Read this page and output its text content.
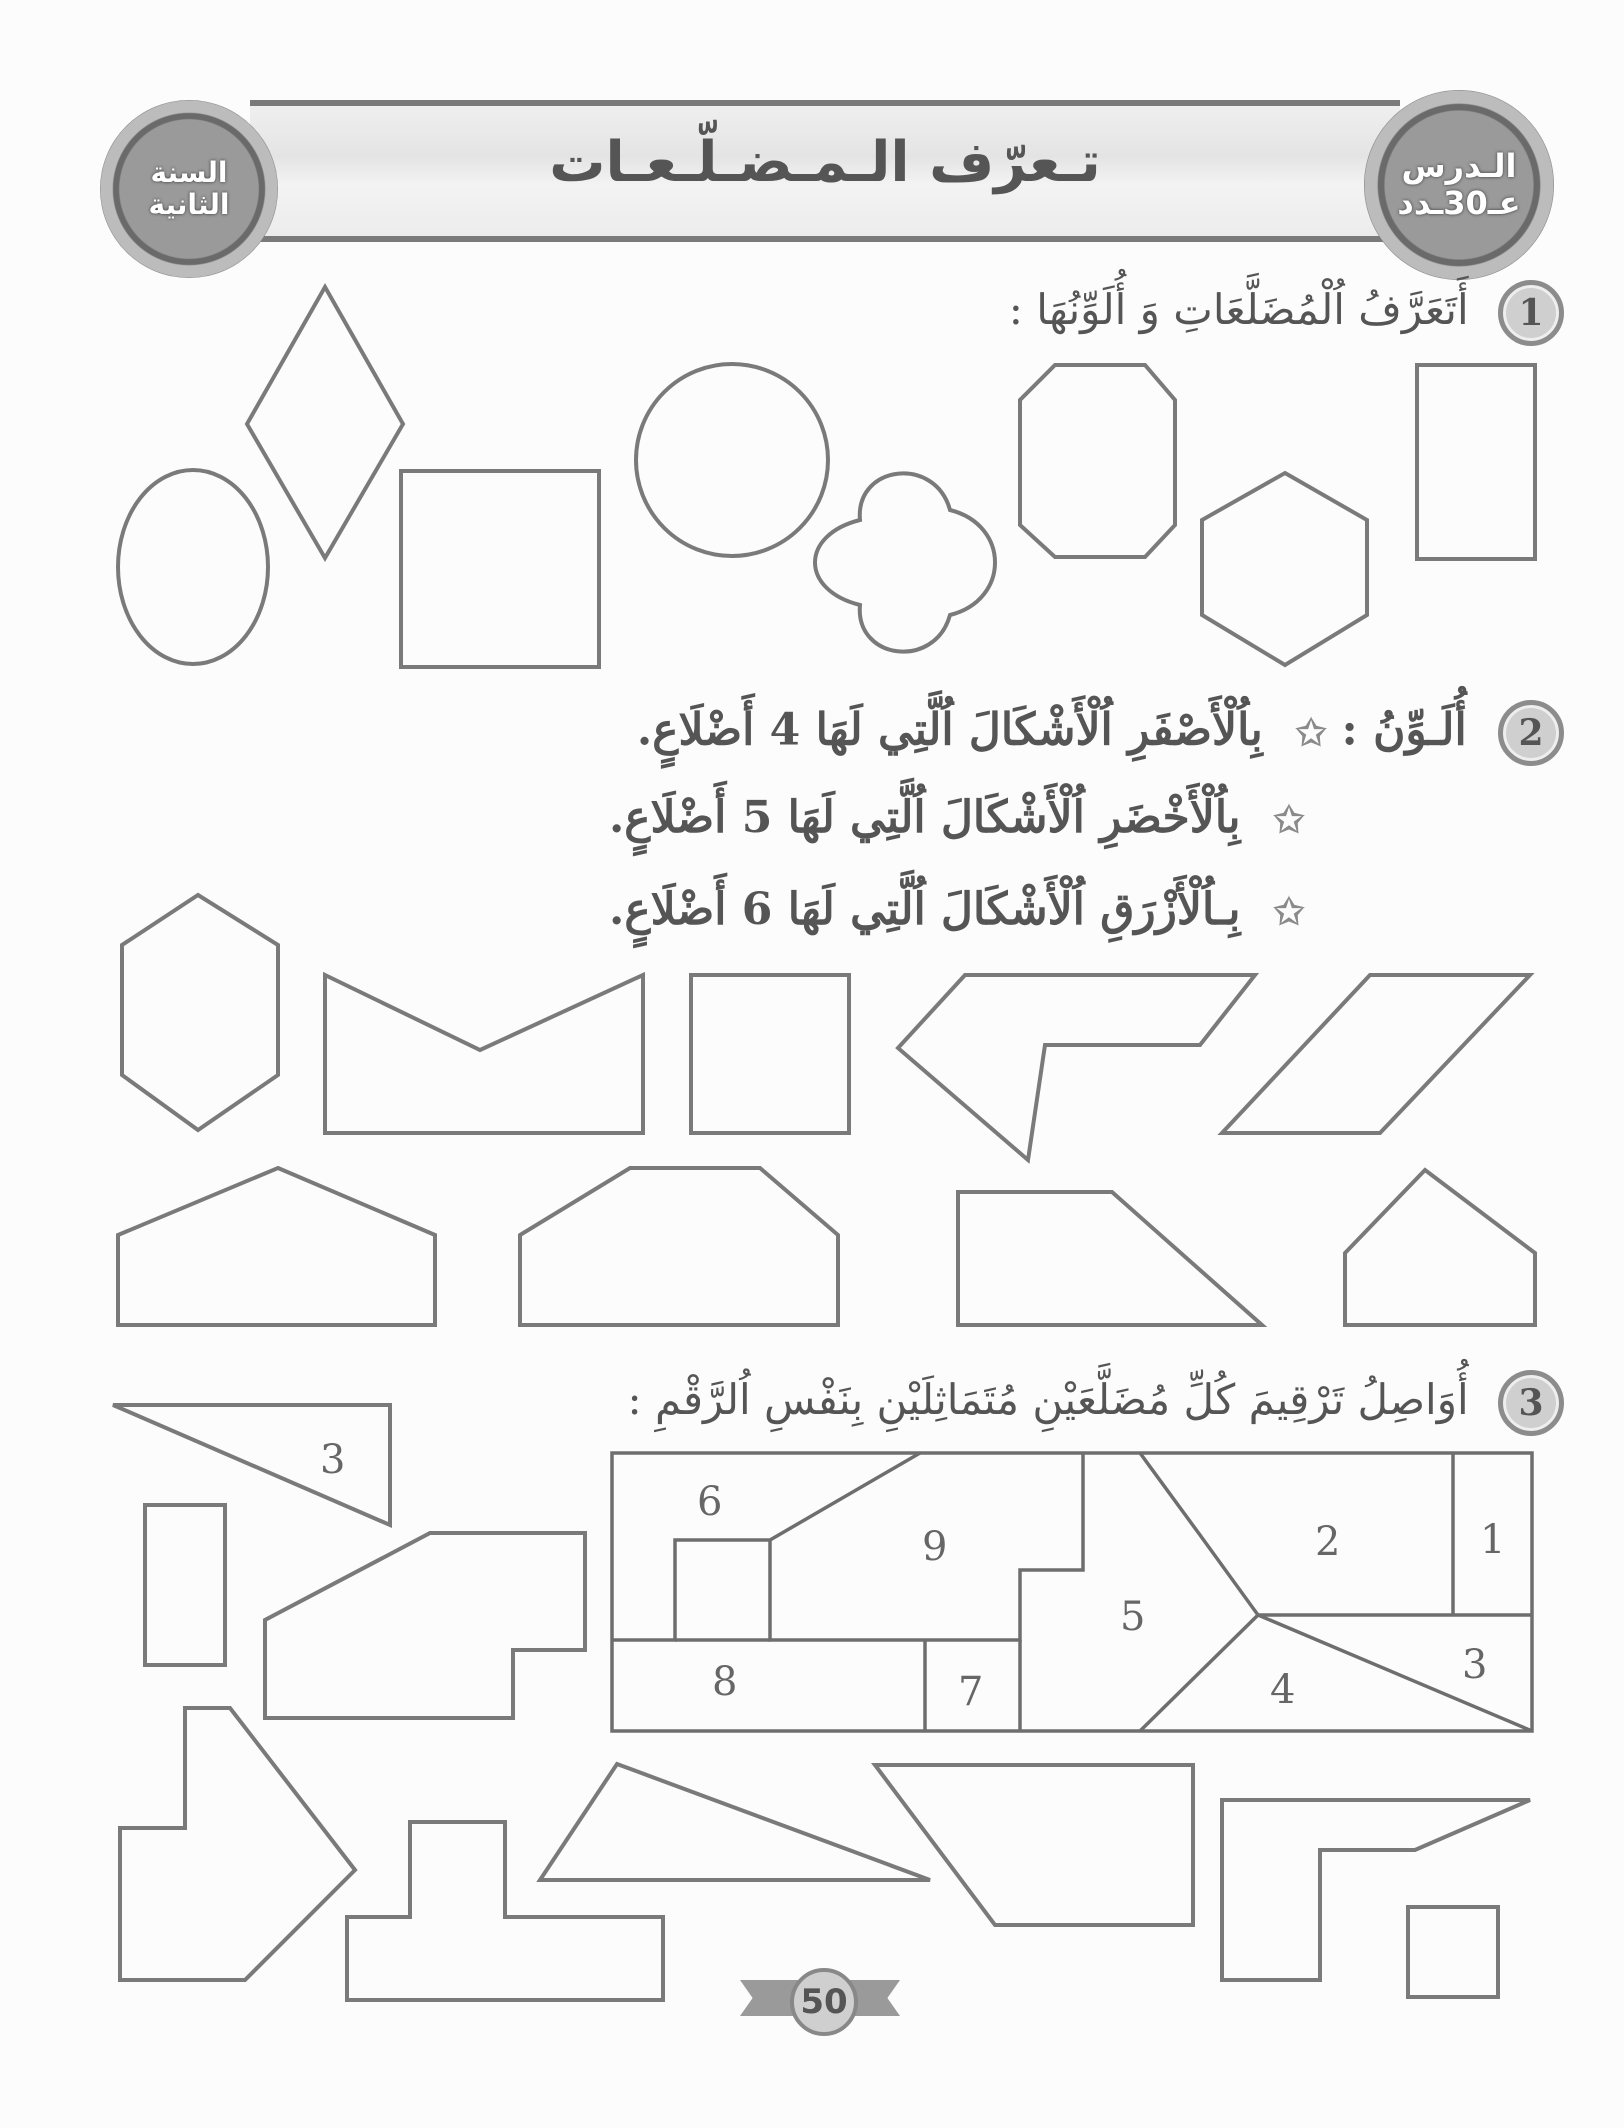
تـعرّف الـمـضـلّـعـات
السنة
الثانية
الـدرس
عـ30ـدد
1 أَتَعَرَّفُ اُلْمُضَلَّعَاتِ وَ أُلَوِّنُهَا :
2 أُلَـوِّنُ : ✩ بِاُلْأَصْفَرِ اُلْأَشْكَالَ اُلَّتِي لَهَا 4 أَضْلَاعٍ.
✩ بِاُلْأَخْضَرِ اُلْأَشْكَالَ اُلَّتِي لَهَا 5 أَضْلَاعٍ.
✩ بِـاُلْأَزْرَقِ اُلْأَشْكَالَ اُلَّتِي لَهَا 6 أَضْلَاعٍ.
3 أُوَاصِلُ تَرْقِيمَ كُلِّ مُضَلَّعَيْنِ مُتَمَاثِلَيْنِ بِنَفْسِ اُلرَّقْمِ :
3
1
2
3
4
5
6
7
8
9
50
